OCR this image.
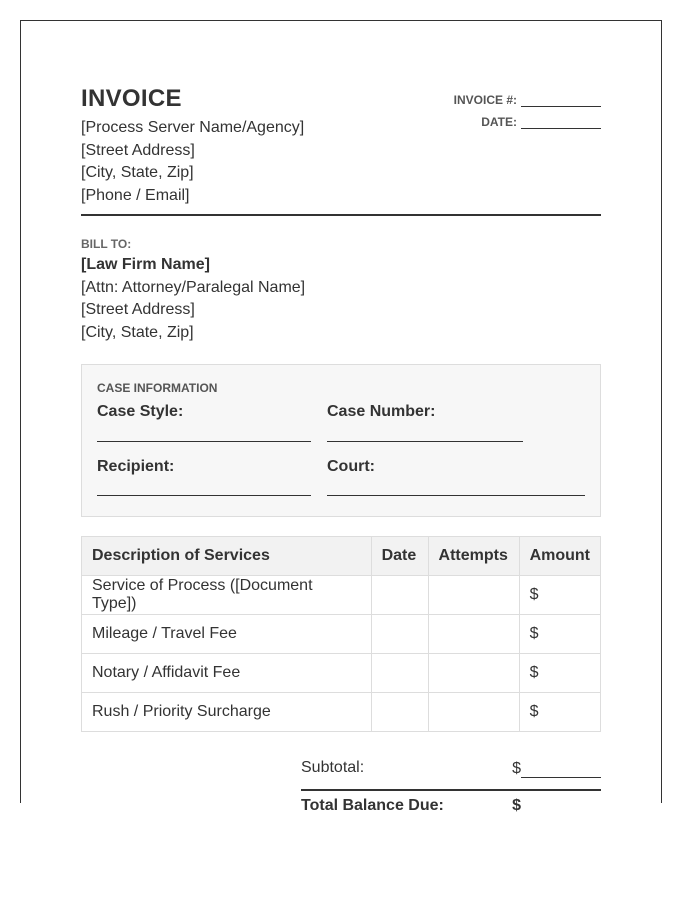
INVOICE
[Process Server Name/Agency]
[Street Address]
[City, State, Zip]
[Phone / Email]
INVOICE #:
DATE:
BILL TO:
[Law Firm Name]
[Attn: Attorney/Paralegal Name]
[Street Address]
[City, State, Zip]
CASE INFORMATION
Case Style:	Case Number:
Recipient:	Court:
Description of Services	Date	Attempts	Amount
Service of Process ([Document Type])			$
Mileage / Travel Fee			$
Notary / Affidavit Fee			$
Rush / Priority Surcharge			$
Subtotal:	$
Total Balance Due:	$
